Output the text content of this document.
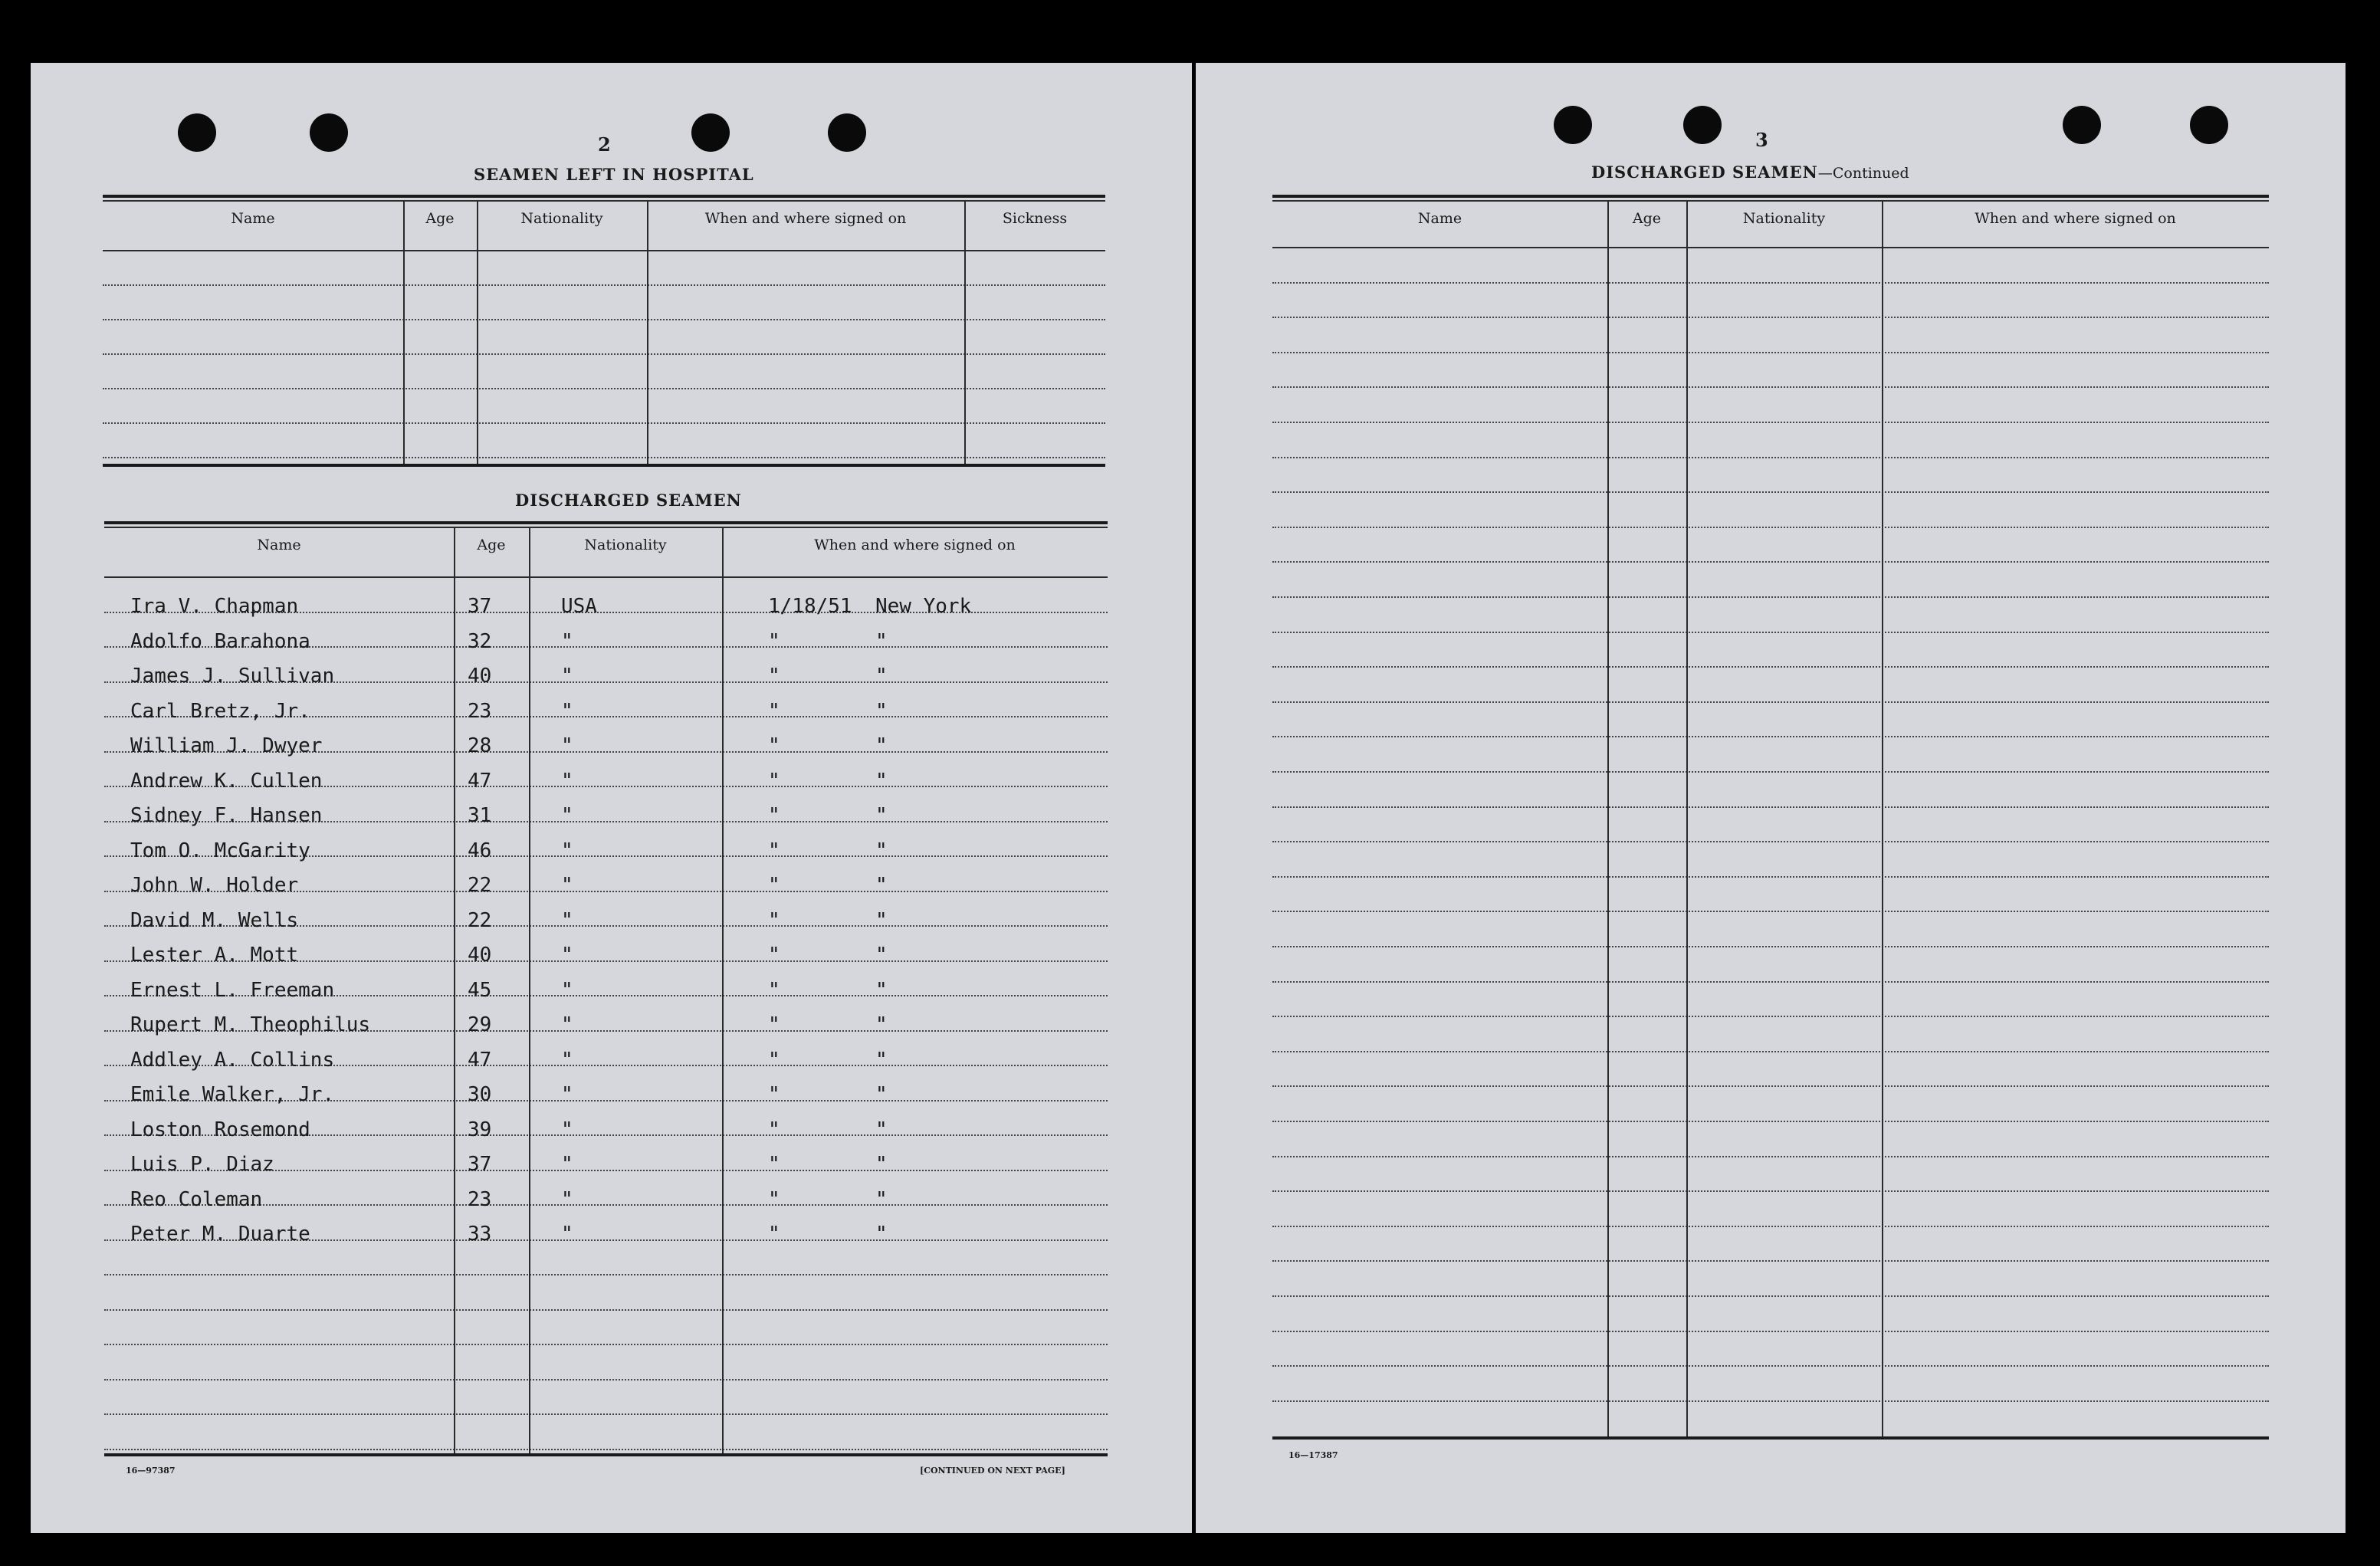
2
SEAMEN LEFT IN HOSPITAL
DISCHARGED SEAMEN
16—97387	[CONTINUED ON NEXT PAGE]
Name	Age	Nationality	When and where signed on	Sickness
Name	Age	Nationality	When and where signed on
Ira V. Chapman	37	USA	1/18/51 New York
Adolfo Barahona	32	"	"	"
James J. Sullivan	40	"	"	"
Carl Bretz, Jr.	23	"	"	"
William J. Dwyer	28	"	"	"
Andrew K. Cullen	47	"	"	"
Sidney F. Hansen	31	"	"	"
Tom O. McGarity	46	"	"	"
John W. Holder	22	"	"	"
David M. Wells	22	"	"	"
Lester A. Mott	40	"	"	"
Ernest L. Freeman	45	"	"	"
Rupert M. Theophilus	29	"	"	"
Addley A. Collins	47	"	"	"
Emile Walker, Jr.	30	"	"	"
Loston Rosemond	39	"	"	"
Luis P. Diaz	37	"	"	"
Reo Coleman	23	"	"	"
Peter M. Duarte	33	"	"	"
3
DISCHARGED SEAMEN—Continued
16—17387
Name	Age	Nationality	When and where signed on
